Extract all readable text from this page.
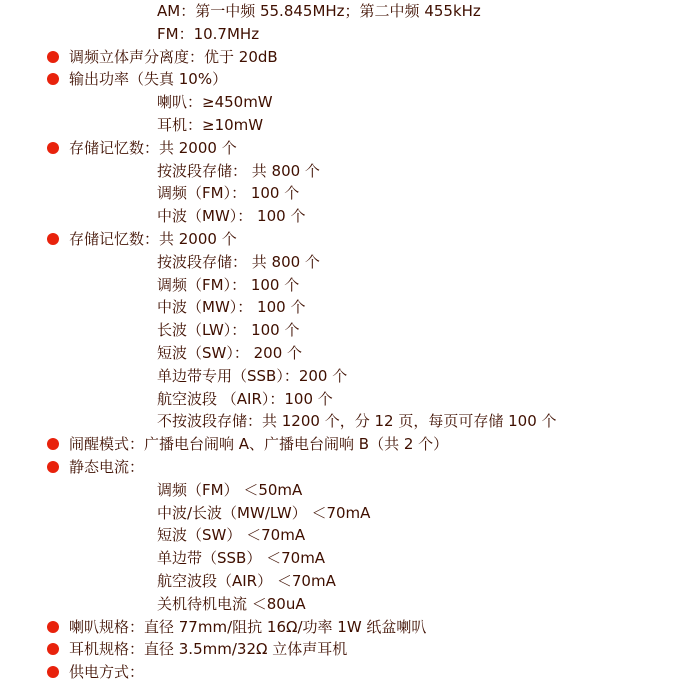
AM：第一中频 55.845MHz；第二中频 455kHz
FM：10.7MHz
调频立体声分离度：优于 20dB
输出功率（失真 10%）
喇叭：≥450mW
耳机：≥10mW
存储记忆数：共 2000 个
按波段存储： 共 800 个
调频（FM）： 100 个
中波（MW）： 100 个
存储记忆数：共 2000 个
按波段存储： 共 800 个
调频（FM）： 100 个
中波（MW）： 100 个
长波（LW）： 100 个
短波（SW）： 200 个
单边带专用（SSB）：200 个
航空波段 （AIR）：100 个
不按波段存储：共 1200 个，分 12 页，每页可存储 100 个
闹醒模式：广播电台闹响 A、广播电台闹响 B（共 2 个）
静态电流：
调频（FM） ＜50mA
中波/长波（MW/LW） ＜70mA
短波（SW） ＜70mA
单边带（SSB） ＜70mA
航空波段（AIR） ＜70mA
关机待机电流 ＜80uA
喇叭规格：直径 77mm/阻抗 16Ω/功率 1W 纸盆喇叭
耳机规格：直径 3.5mm/32Ω 立体声耳机
供电方式：
